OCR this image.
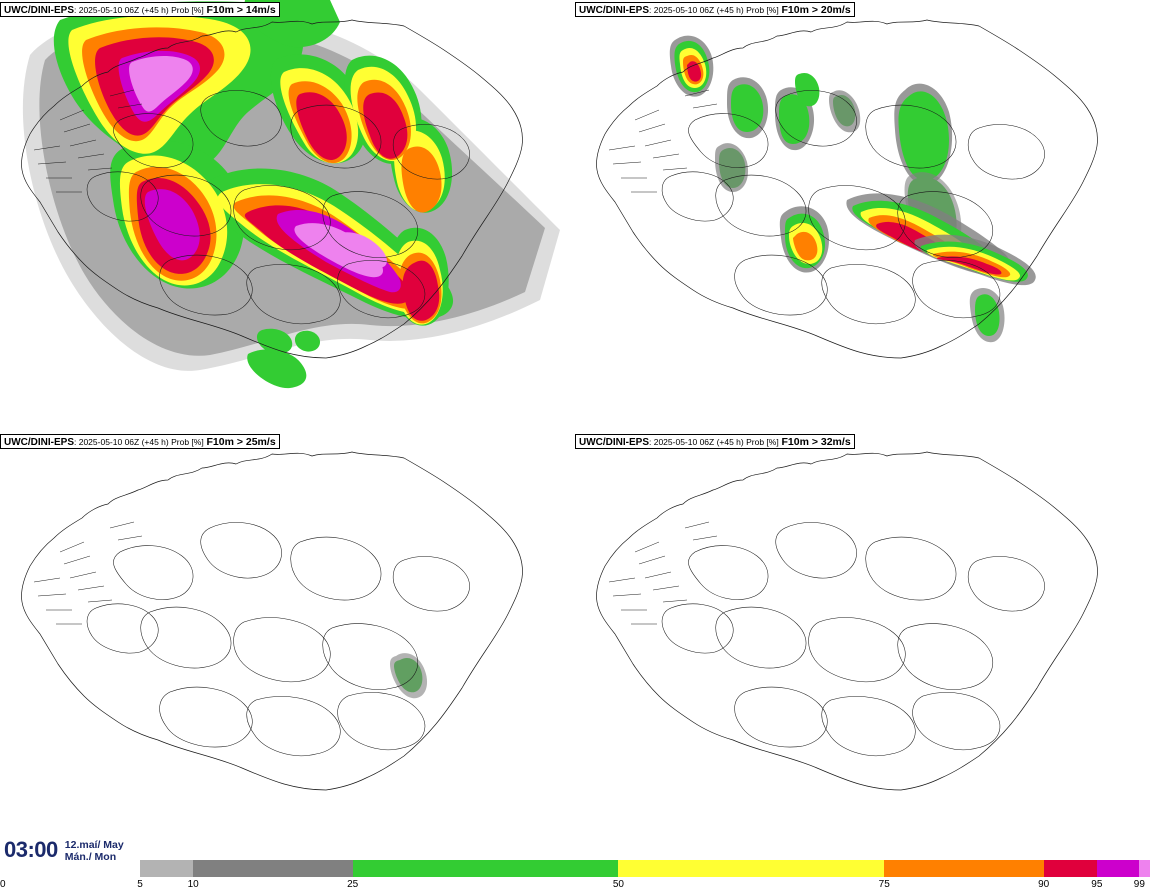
UWC/DINI-EPS: 2025-05-10 06Z (+45 h) Prob [%] F10m > 14m/s	UWC/DINI-EPS: 2025-05-10 06Z (+45 h) Prob [%] F10m > 20m/s
UWC/DINI-EPS: 2025-05-10 06Z (+45 h) Prob [%] F10m > 25m/s	UWC/DINI-EPS: 2025-05-10 06Z (+45 h) Prob [%] F10m > 32m/s
03:00 12.maí/ May
Mán./ Mon
0	5	10	25	50	75	90	95	99
